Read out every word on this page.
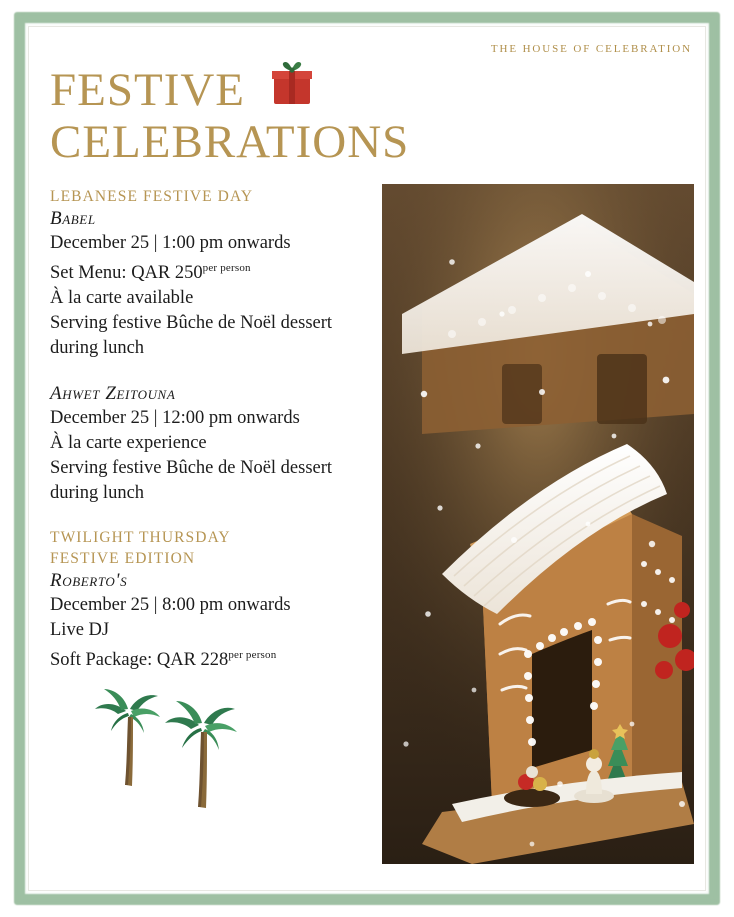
THE HOUSE OF CELEBRATION
FESTIVE
CELEBRATIONS
LEBANESE FESTIVE DAY
Babel
December 25 | 1:00 pm onwards
Set Menu: QAR $250^{per person}$
À la carte available
Serving festive Bûche de Noël dessert
during lunch
Ahwet Zeitouna
December 25 | 12:00 pm onwards
À la carte experience
Serving festive Bûche de Noël dessert
during lunch
TWILIGHT THURSDAY
FESTIVE EDITION
Roberto's
December 25 | 8:00 pm onwards
Live DJ
Soft Package: QAR $228^{per person}$
